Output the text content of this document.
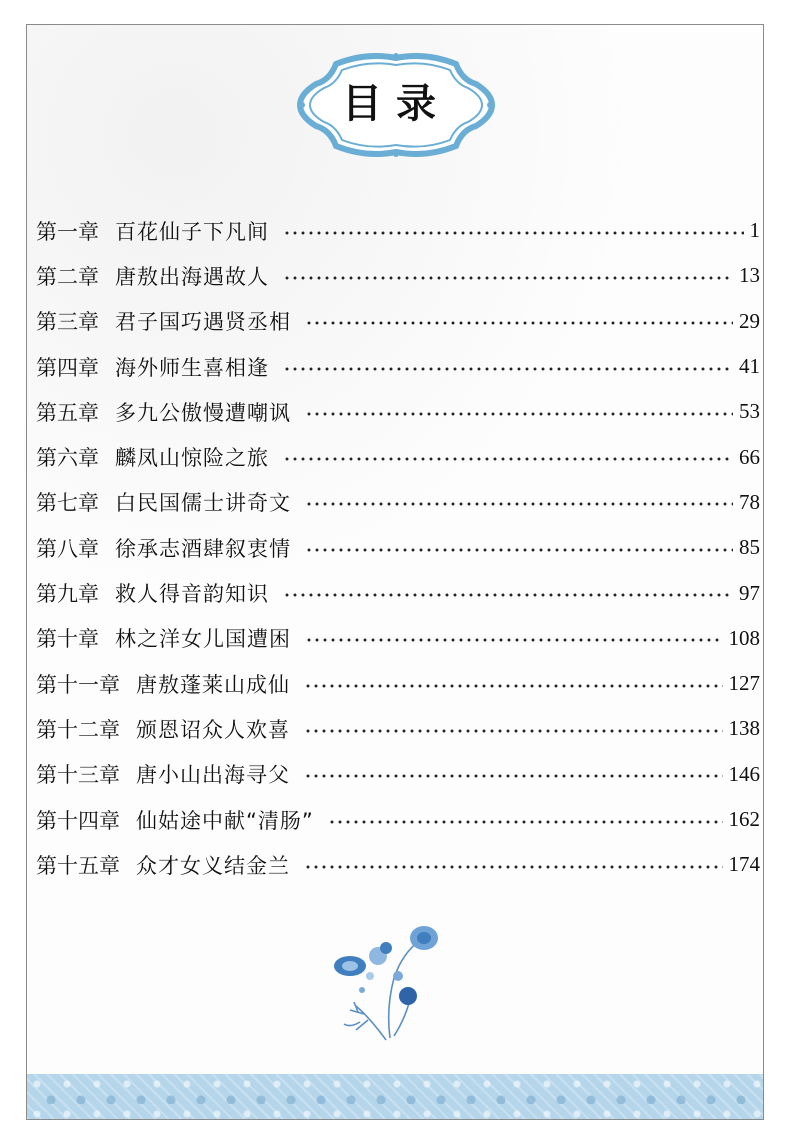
目录
第一章 百花仙子下凡间	1
第二章 唐敖出海遇故人	13
第三章 君子国巧遇贤丞相	29
第四章 海外师生喜相逢	41
第五章 多九公傲慢遭嘲讽	53
第六章 麟凤山惊险之旅	66
第七章 白民国儒士讲奇文	78
第八章 徐承志酒肆叙衷情	85
第九章 救人得音韵知识	97
第十章 林之洋女儿国遭困	108
第十一章 唐敖蓬莱山成仙	127
第十二章 颁恩诏众人欢喜	138
第十三章 唐小山出海寻父	146
第十四章 仙姑途中献“清肠”	162
第十五章 众才女义结金兰	174
